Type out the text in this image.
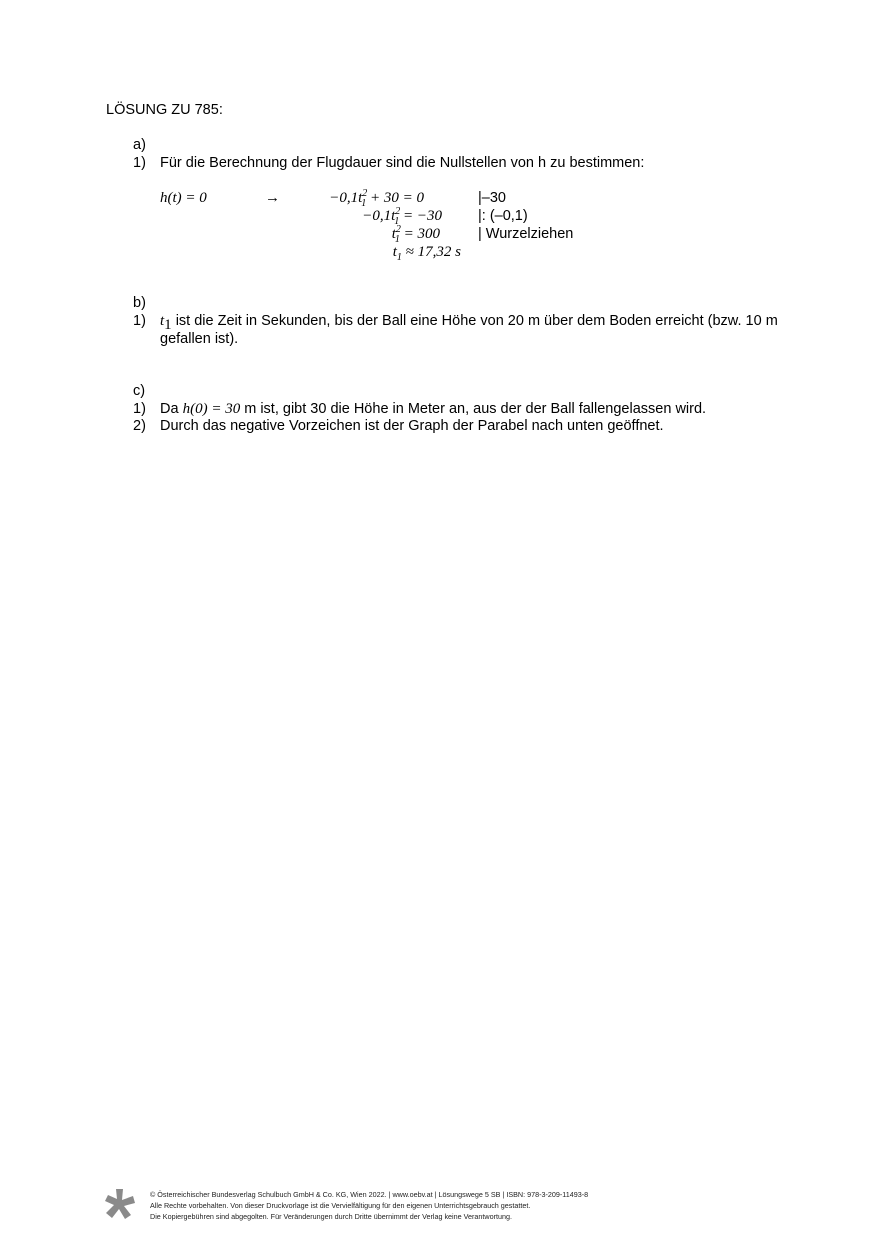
LÖSUNG ZU 785:
a)
1) Für die Berechnung der Flugdauer sind die Nullstellen von h zu bestimmen:
h(t) = 0	→	$-0,1t^2_1 + 30 = 0$	|–30
$-0,1t^2_1 = -30$ |: (–0,1)
$t^2_1 = 300$	| Wurzelziehen
$t_1 \approx 17,32$ s
b)
1) $t_1$ ist die Zeit in Sekunden, bis der Ball eine Höhe von 20 m über dem Boden erreicht (bzw. 10 m
gefallen ist).
c)
1) Da h(0) = 30 m ist, gibt 30 die Höhe in Meter an, aus der der Ball fallengelassen wird.
2) Durch das negative Vorzeichen ist der Graph der Parabel nach unten geöffnet.
© Österreichischer Bundesverlag Schulbuch GmbH & Co. KG, Wien 2022. | www.oebv.at | Lösungswege 5 SB | ISBN: 978-3-209-11493-8
Alle Rechte vorbehalten. Von dieser Druckvorlage ist die Vervielfältigung für den eigenen Unterrichtsgebrauch gestattet.
Die Kopiergebühren sind abgegolten. Für Veränderungen durch Dritte übernimmt der Verlag keine Verantwortung.
